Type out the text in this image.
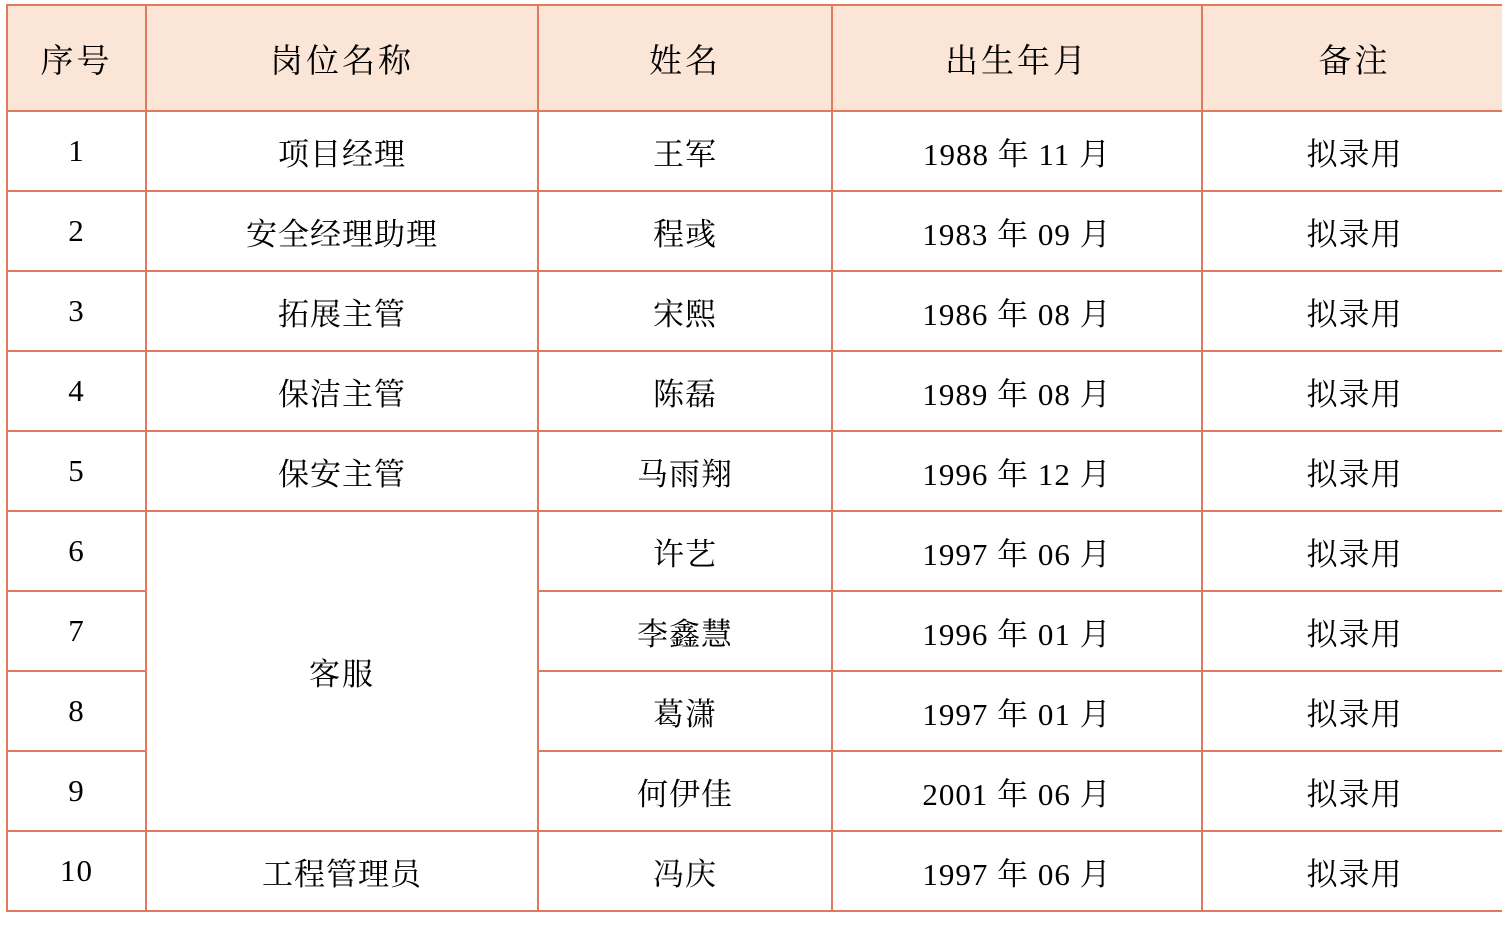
序号	岗位名称	姓名	出生年月	备注
1	项目经理	王军	1988 年 11 月	拟录用
2	安全经理助理	程彧	1983 年 09 月	拟录用
3	拓展主管	宋熙	1986 年 08 月	拟录用
4	保洁主管	陈磊	1989 年 08 月	拟录用
5	保安主管	马雨翔	1996 年 12 月	拟录用
6	客服	许艺	1997 年 06 月	拟录用
7		李鑫慧	1996 年 01 月	拟录用
8		葛潇	1997 年 01 月	拟录用
9		何伊佳	2001 年 06 月	拟录用
10	工程管理员	冯庆	1997 年 06 月	拟录用
